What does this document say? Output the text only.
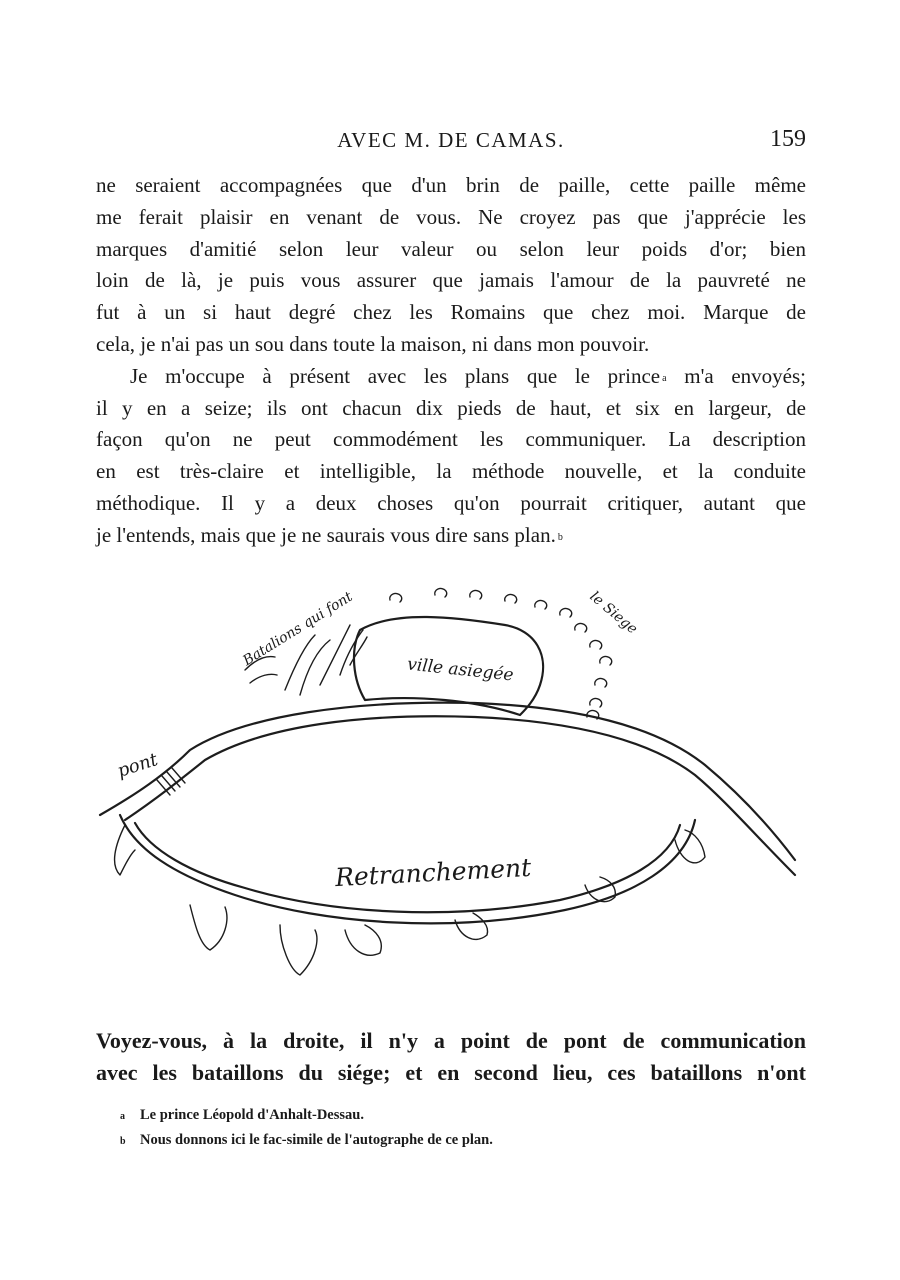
AVEC M. DE CAMAS.	159
ne seraient accompagnées que d'un brin de paille, cette paille même
me ferait plaisir en venant de vous. Ne croyez pas que j'apprécie les
marques d'amitié selon leur valeur ou selon leur poids d'or; bien
loin de là, je puis vous assurer que jamais l'amour de la pauvreté ne
fut à un si haut degré chez les Romains que chez moi. Marque de
cela, je n'ai pas un sou dans toute la maison, ni dans mon pouvoir.
Je m'occupe à présent avec les plans que le prince $^a$ m'a envoyés;
il y en a seize; ils ont chacun dix pieds de haut, et six en largeur, de
façon qu'on ne peut commodément les communiquer. La description
en est très-claire et intelligible, la méthode nouvelle, et la conduite
méthodique. Il y a deux choses qu'on pourrait critiquer, autant que
je l'entends, mais que je ne saurais vous dire sans plan. $^b$
Batalions qui font	le Siege
ville asiegée
pont
Retranchement
Voyez-vous, à la droite, il n'y a point de pont de communication
avec les bataillons du siége; et en second lieu, ces bataillons n'ont
a Le prince Léopold d'Anhalt-Dessau.
b Nous donnons ici le fac-simile de l'autographe de ce plan.
